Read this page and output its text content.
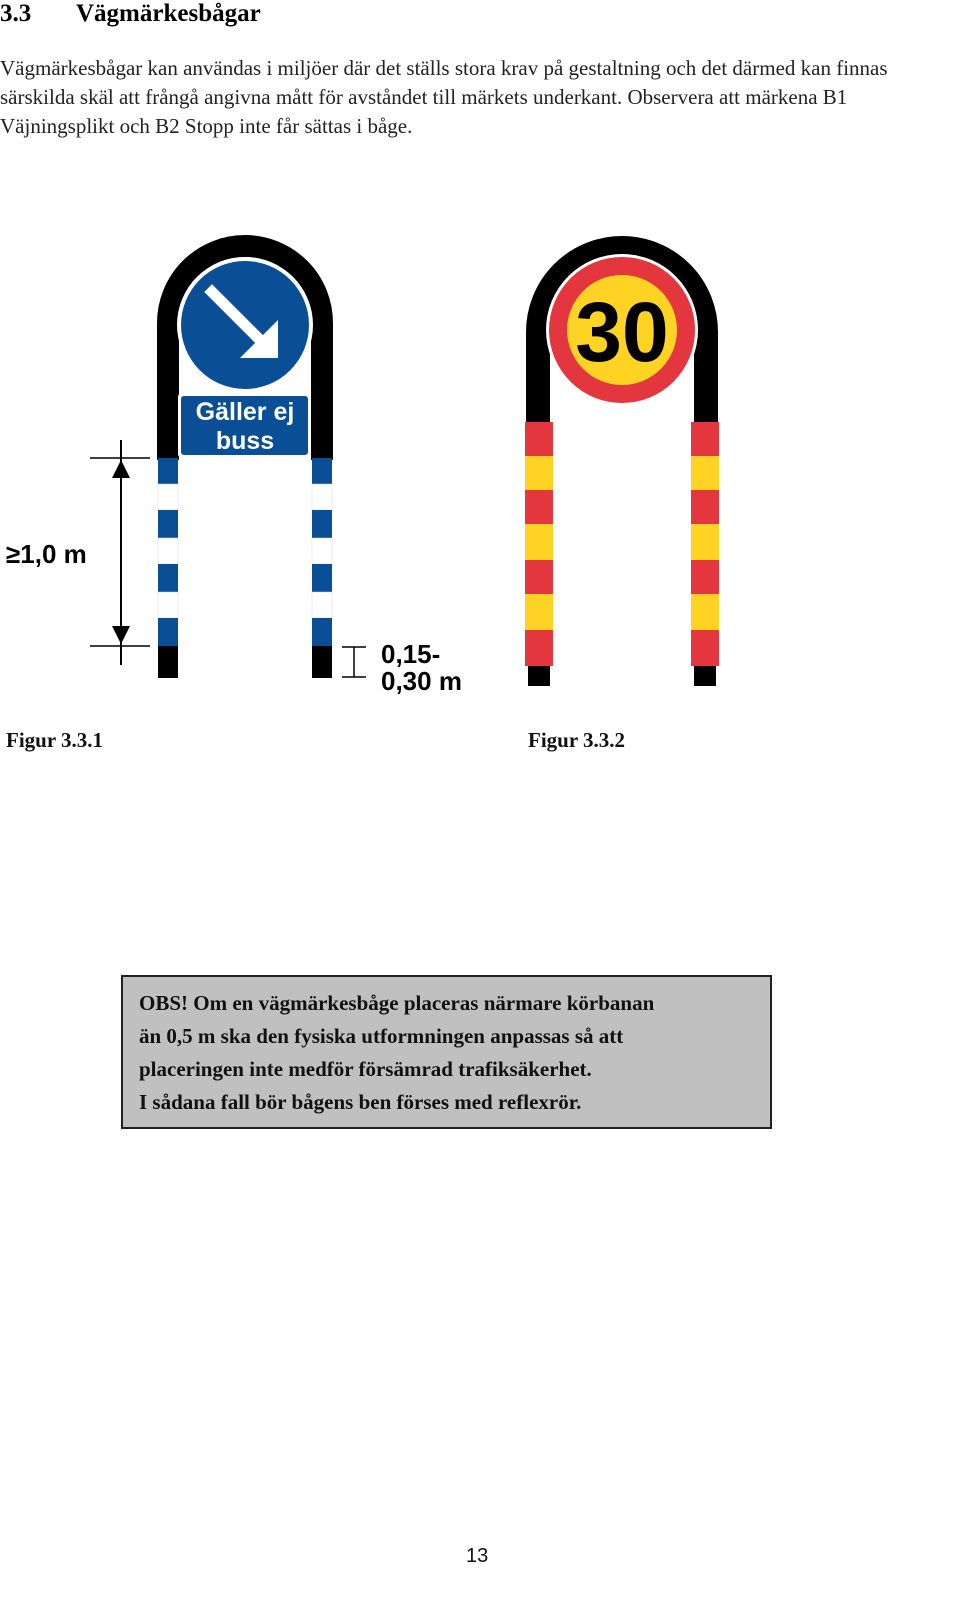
3.3 Vägmärkesbågar

Vägmärkesbågar kan användas i miljöer där det ställs stora krav på gestaltning och det därmed kan finnas särskilda skäl att frångå angivna mått för avståndet till märkets underkant. Observera att märkena B1 Väjningsplikt och B2 Stopp inte får sättas i båge.

Gäller ej
buss
≥1,0 m
0,15-
0,30 m
30
Figur 3.3.1	Figur 3.3.2
OBS! Om en vägmärkesbåge placeras närmare körbanan
än 0,5 m ska den fysiska utformningen anpassas så att
placeringen inte medför försämrad trafiksäkerhet.
I sådana fall bör bågens ben förses med reflexrör.
13
